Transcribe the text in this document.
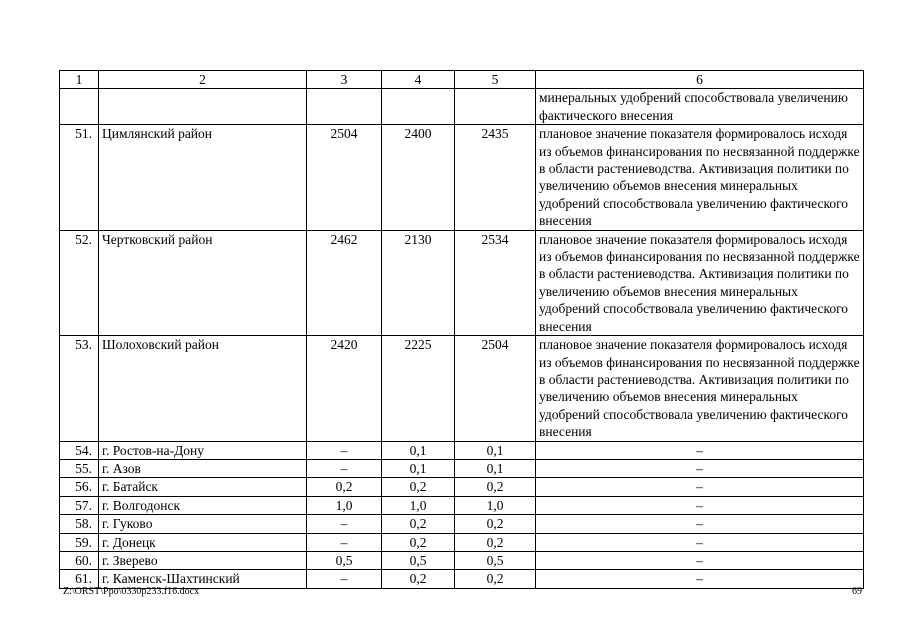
1	2	3	4	5	6
					минеральных удобрений способствовала увеличению фактического внесения
51.	Цимлянский район	2504	2400	2435	плановое значение показателя формировалось исходя из объемов финансирования по несвязанной поддержке в области растениеводства. Активизация политики по увеличению объемов внесения минеральных удобрений способствовала увеличению фактического внесения
52.	Чертковский район	2462	2130	2534	плановое значение показателя формировалось исходя из объемов финансирования по несвязанной поддержке в области растениеводства. Активизация политики по увеличению объемов внесения минеральных удобрений способствовала увеличению фактического внесения
53.	Шолоховский район	2420	2225	2504	плановое значение показателя формировалось исходя из объемов финансирования по несвязанной поддержке в области растениеводства. Активизация политики по увеличению объемов внесения минеральных удобрений способствовала увеличению фактического внесения
54.	г. Ростов-на-Дону	–	0,1	0,1	–
55.	г. Азов	–	0,1	0,1	–
56.	г. Батайск	0,2	0,2	0,2	–
57.	г. Волгодонск	1,0	1,0	1,0	–
58.	г. Гуково	–	0,2	0,2	–
59.	г. Донецк	–	0,2	0,2	–
60.	г. Зверево	0,5	0,5	0,5	–
61.	г. Каменск-Шахтинский	–	0,2	0,2	–
Z:\ORST\Ppo\0330p233.f16.docx	69
